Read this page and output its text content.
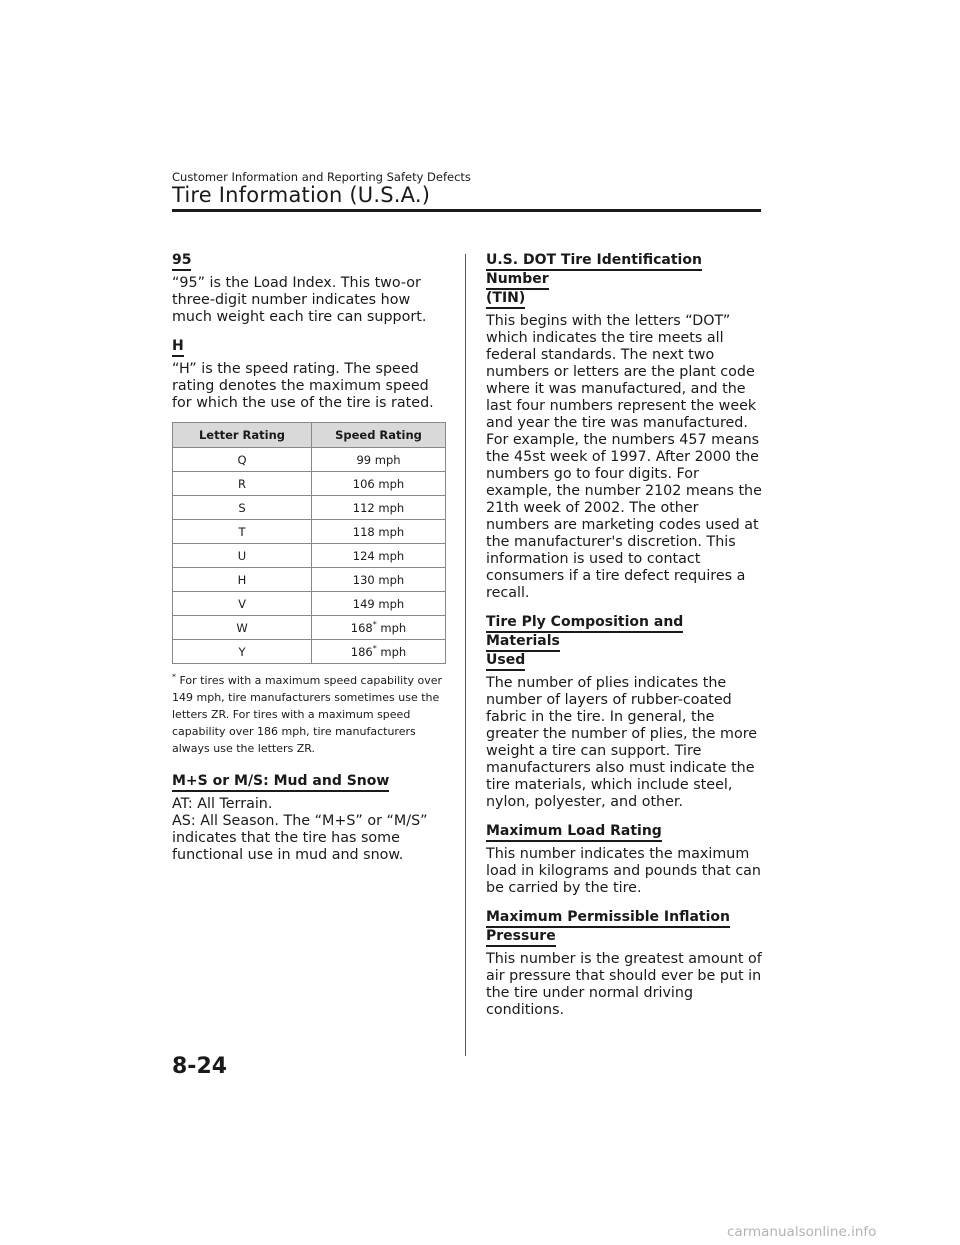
Customer Information and Reporting Safety Defects
Tire Information (U.S.A.)
95

“95” is the Load Index. This two-or three-digit number indicates how much weight each tire can support.

H

“H” is the speed rating. The speed rating denotes the maximum speed for which the use of the tire is rated.

Letter Rating	Speed Rating
Q	99 mph
R	106 mph
S	112 mph
T	118 mph
U	124 mph
H	130 mph
V	149 mph
W	168* mph
Y	186* mph

* For tires with a maximum speed capability over 149 mph, tire manufacturers sometimes use the letters ZR. For tires with a maximum speed capability over 186 mph, tire manufacturers always use the letters ZR.

M+S or M/S: Mud and Snow

AT: All Terrain.
AS: All Season. The “M+S” or “M/S” indicates that the tire has some functional use in mud and snow.

U.S. DOT Tire Identification Number
(TIN)

This begins with the letters “DOT” which indicates the tire meets all federal standards. The next two numbers or letters are the plant code where it was manufactured, and the last four numbers represent the week and year the tire was manufactured. For example, the numbers 457 means the 45st week of 1997. After 2000 the numbers go to four digits. For example, the number 2102 means the 21th week of 2002. The other numbers are marketing codes used at the manufacturer's discretion. This information is used to contact consumers if a tire defect requires a recall.

Tire Ply Composition and Materials
Used

The number of plies indicates the number of layers of rubber-coated fabric in the tire. In general, the greater the number of plies, the more weight a tire can support. Tire manufacturers also must indicate the tire materials, which include steel, nylon, polyester, and other.

Maximum Load Rating

This number indicates the maximum load in kilograms and pounds that can be carried by the tire.

Maximum Permissible Inflation
Pressure

This number is the greatest amount of air pressure that should ever be put in the tire under normal driving conditions.

8-24
carmanualsonline.info
